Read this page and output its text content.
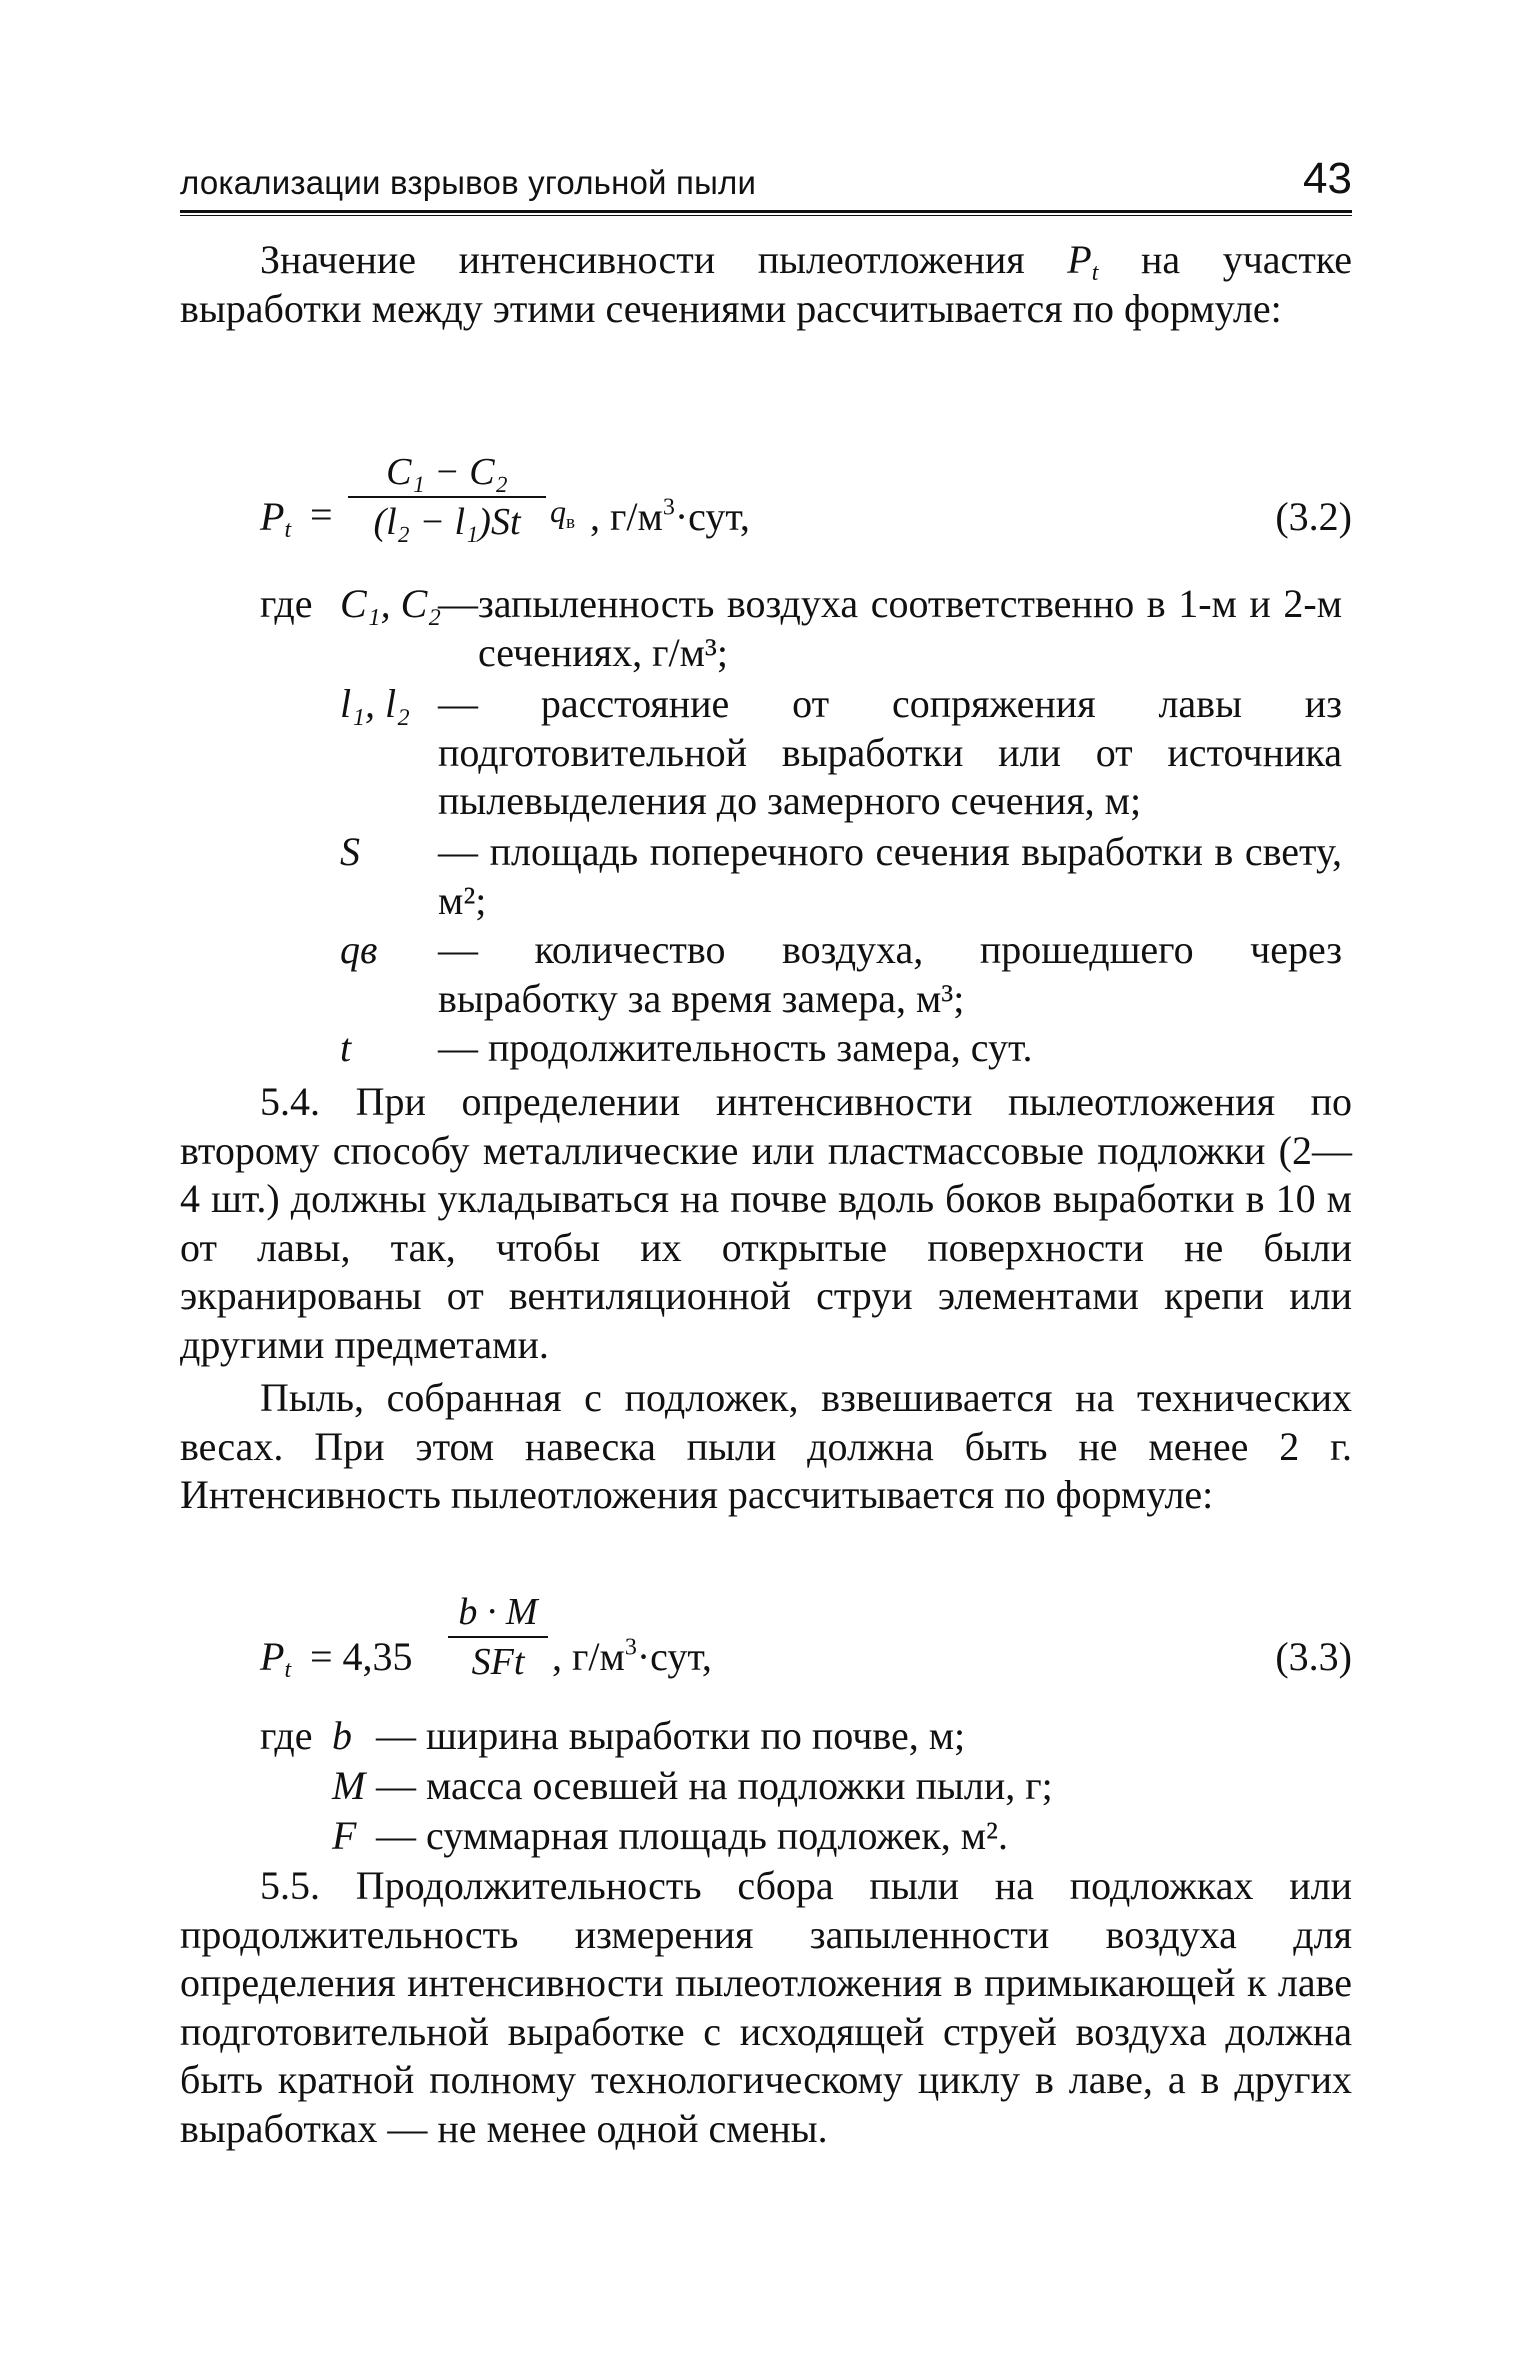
локализации взрывов угольной пыли	43
Значение интенсивности пылеотложения $P_t$ на участке выработки между этими сечениями рассчитывается по формуле:
$P_t$ =
C₁ − C₂
(l₂ − l₁)St $q_в$ , $г/м^3\cdot сут$,	(3.2)
где C₁, C₂
— запыленность воздуха соответственно в 1-м и 2-м сечениях, г/м³;
l₁, l₂ — расстояние от сопряжения лавы из подготовительной выработки или от источника пылевыделения до замерного сечения, м;
S — площадь поперечного сечения выработки в свету, м²;
qв — количество воздуха, прошедшего через выработку за время замера, м³;
t — продолжительность замера, сут.
5.4. При определении интенсивности пылеотложения по второму способу металлические или пластмассовые подложки (2—4 шт.) должны укладываться на почве вдоль боков выработки в 10 м от лавы, так, чтобы их открытые поверхности не были экранированы от вентиляционной струи элементами крепи или другими предметами.
Пыль, собранная с подложек, взвешивается на технических весах. При этом навеска пыли должна быть не менее 2 г. Интенсивность пылеотложения рассчитывается по формуле:
$P_t = 4,35$
b · M
SFt , $г/м^3\cdot сут$,	(3.3)
где b — ширина выработки по почве, м;
M — масса осевшей на подложки пыли, г;
F — суммарная площадь подложек, м².
5.5. Продолжительность сбора пыли на подложках или продолжительность измерения запыленности воздуха для определения интенсивности пылеотложения в примыкающей к лаве подготовительной выработке с исходящей струей воздуха должна быть кратной полному технологическому циклу в лаве, а в других выработках — не менее одной смены.
